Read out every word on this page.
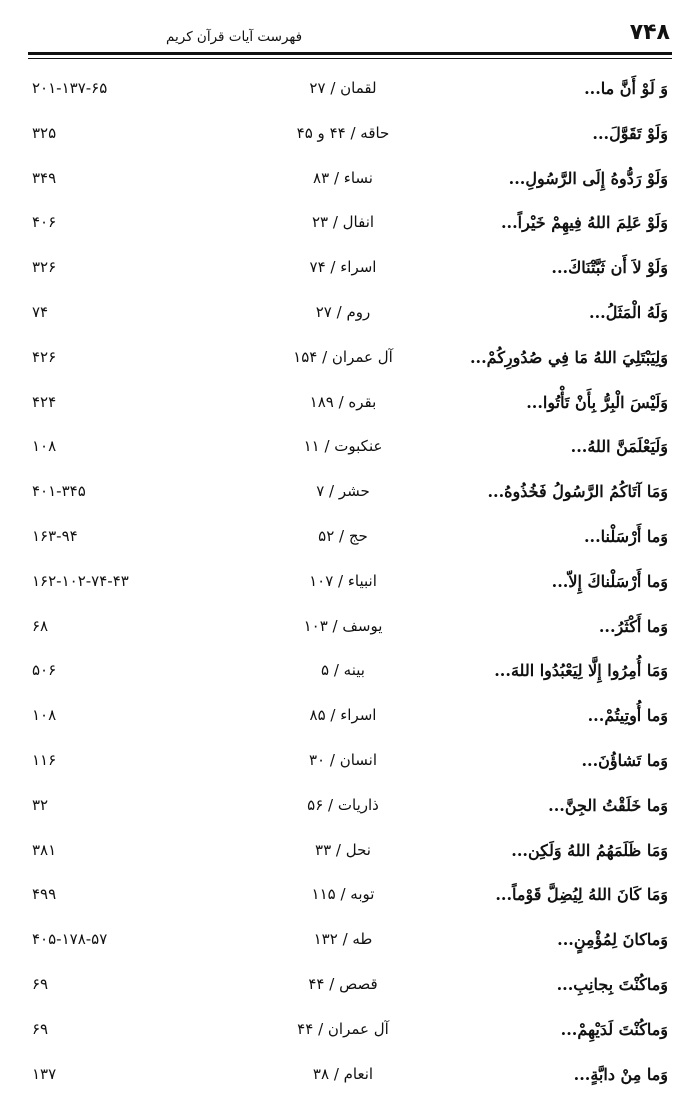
۷۴۸
فهرست آیات قرآن کریم
وَ لَوْ أَنَّ ما...
لقمان / ۲۷
۲۰۱-۱۳۷-۶۵
وَلَوْ تَقَوَّلَ...
حاقه / ۴۴ و ۴۵
۳۲۵
وَلَوْ رَدُّوهُ إِلَى الرَّسُولِ...
نساء / ۸۳
۳۴۹
وَلَوْ عَلِمَ اللهُ فِيهِمْ خَيْراً...
انفال / ۲۳
۴۰۶
وَلَوْ لاَ أَن ثَبَّتْنَاكَ...
اسراء / ۷۴
۳۲۶
وَلَهُ الْمَثَلُ...
روم / ۲۷
۷۴
وَلِيَبْتَلِيَ اللهُ مَا فِي صُدُورِكُمْ...
آل عمران / ۱۵۴
۴۲۶
وَلَيْسَ الْبِرُّ بِأَنْ تَأْتُوا...
بقره / ۱۸۹
۴۲۴
وَلَيَعْلَمَنَّ اللهُ...
عنكبوت / ۱۱
۱۰۸
وَمَا آتَاكُمُ الرَّسُولُ فَخُذُوهُ...
حشر / ۷
۴۰۱-۳۴۵
وَما أَرْسَلْنا...
حج / ۵۲
۱۶۳-۹۴
وَما أَرْسَلْناكَ إِلاّ...
انبياء / ۱۰۷
۱۶۲-۱۰۲-۷۴-۴۳
وَما أَكْثَرُ...
يوسف / ۱۰۳
۶۸
وَمَا أُمِرُوا إِلَّا لِيَعْبُدُوا اللهَ...
بينه / ۵
۵۰۶
وَما أُوتِيتُمْ...
اسراء / ۸۵
۱۰۸
وَما تَشاؤُنَ...
انسان / ۳۰
۱۱۶
وَما خَلَقْتُ الجِنَّ...
ذاريات / ۵۶
۳۲
وَمَا ظَلَمَهُمُ اللهُ وَلَكِن...
نحل / ۳۳
۳۸۱
وَمَا كَانَ اللهُ لِيُضِلَّ قَوْماً...
توبه / ۱۱۵
۴۹۹
وَماكانَ لِمُؤْمِنٍ...
طه / ۱۳۲
۴۰۵-۱۷۸-۵۷
وَماكُنْتَ بِجانِبِ...
قصص / ۴۴
۶۹
وَماكُنْتَ لَدَيْهِمْ...
آل عمران / ۴۴
۶۹
وَما مِنْ دابَّةٍ...
انعام / ۳۸
۱۳۷
